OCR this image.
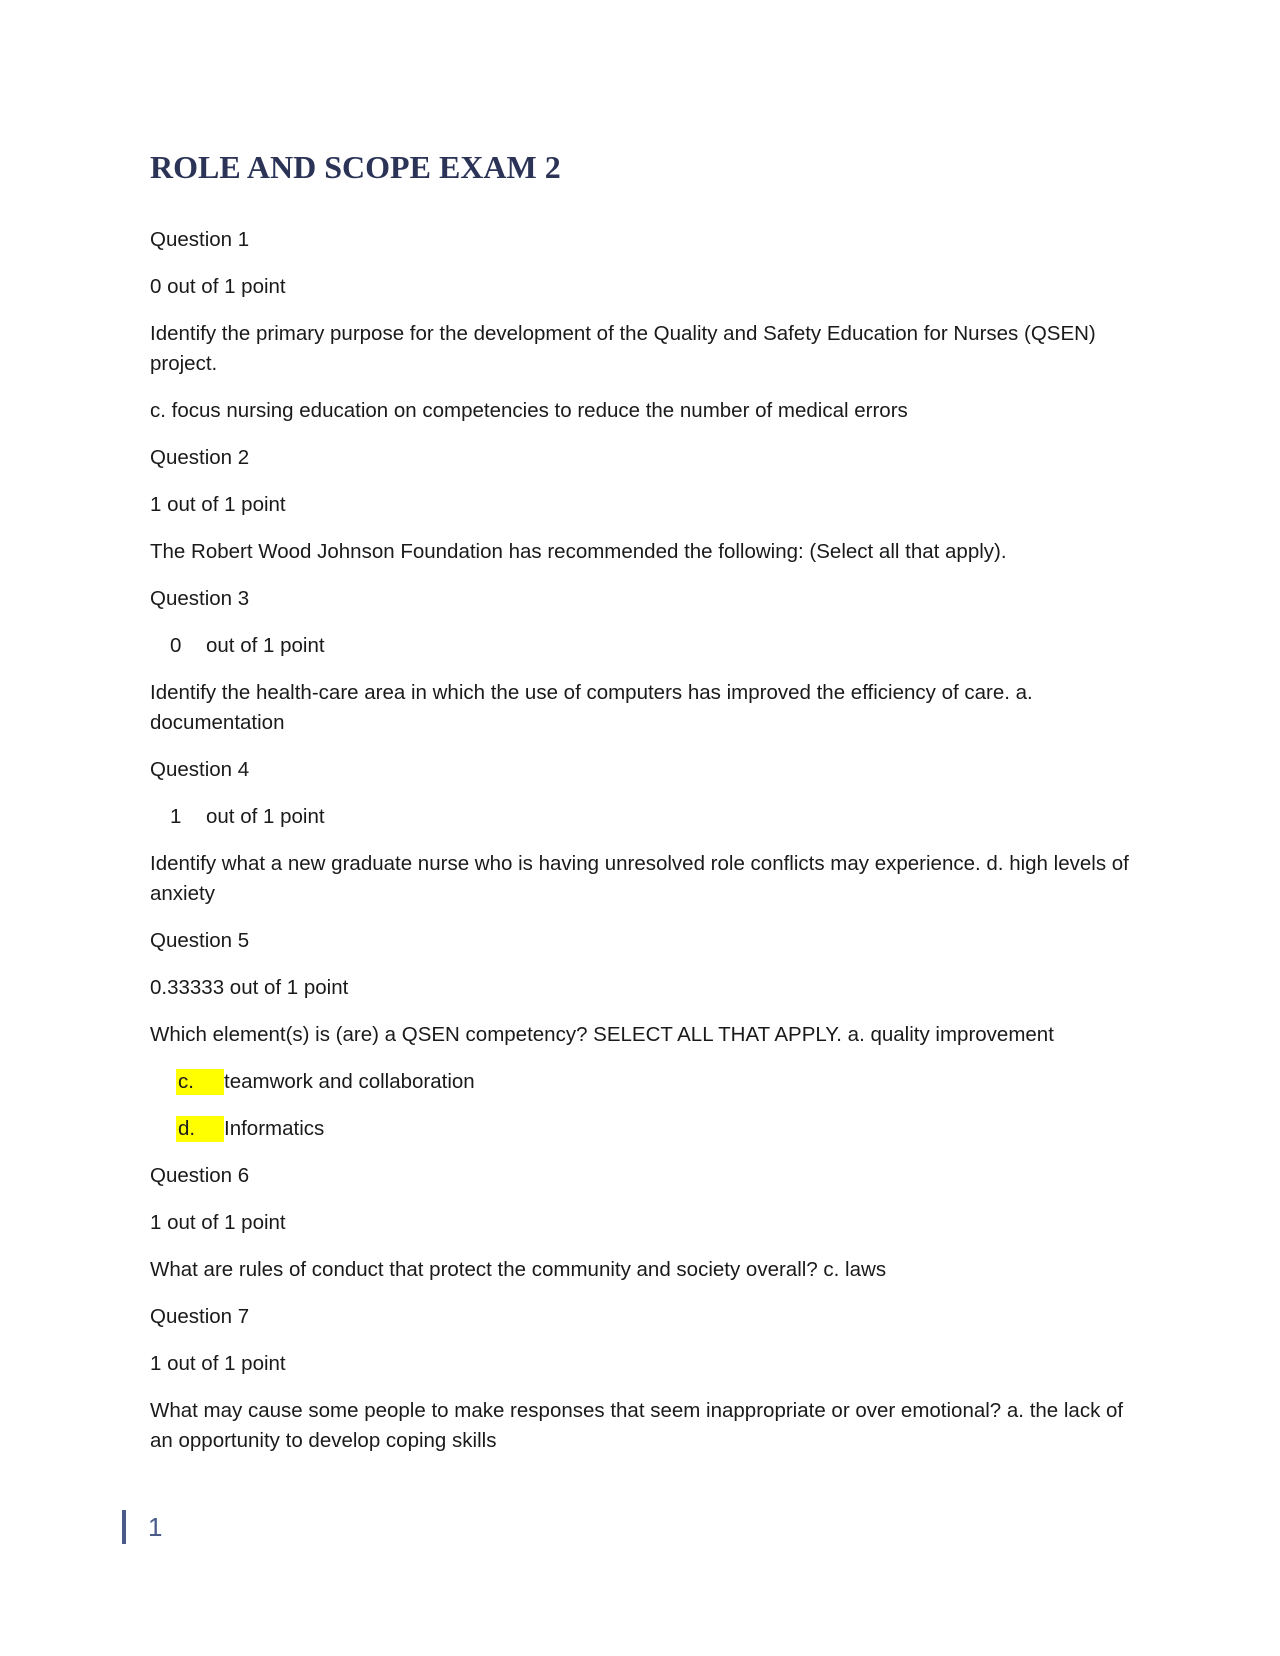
ROLE AND SCOPE EXAM 2

Question 1

0 out of 1 point

Identify the primary purpose for the development of the Quality and Safety Education for Nurses (QSEN) project.

c. focus nursing education on competencies to reduce the number of medical errors

Question 2

1 out of 1 point

The Robert Wood Johnson Foundation has recommended the following: (Select all that apply).

Question 3

0	out of 1 point

Identify the health-care area in which the use of computers has improved the efficiency of care. a. documentation

Question 4

1	out of 1 point

Identify what a new graduate nurse who is having unresolved role conflicts may experience. d. high levels of anxiety

Question 5

0.33333 out of 1 point

Which element(s) is (are) a QSEN competency? SELECT ALL THAT APPLY. a. quality improvement

c.	teamwork and collaboration
d.	Informatics

Question 6

1 out of 1 point

What are rules of conduct that protect the community and society overall? c. laws

Question 7

1 out of 1 point

What may cause some people to make responses that seem inappropriate or over emotional? a. the lack of an opportunity to develop coping skills

1
